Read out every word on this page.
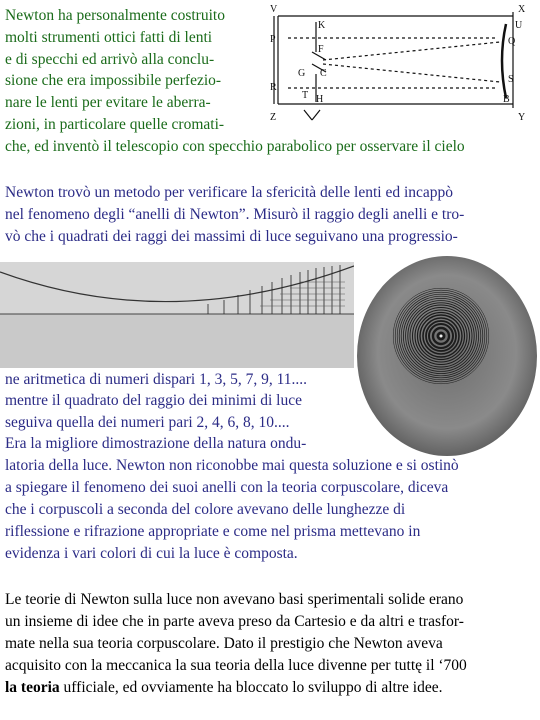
Newton ha personalmente costruito
molti strumenti ottici fatti di lenti
e di specchi ed arrivò alla conclu-
sione che era impossibile perfezio-
nare le lenti per evitare le aberra-
zioni, in particolare quelle cromati-
che, ed inventò il telescopio con specchio parabolico per osservare il cielo
V	X
K	U
Q
P
F
G C
S
R
T H	B
Z	Y
Newton trovò un metodo per verificare la sfericità delle lenti ed incappò
nel fenomeno degli “anelli di Newton”. Misurò il raggio degli anelli e tro-
vò che i quadrati dei raggi dei massimi di luce seguivano una progressio-
ne aritmetica di numeri dispari 1, 3, 5, 7, 9, 11....
mentre il quadrato del raggio dei minimi di luce
seguiva quella dei numeri pari 2, 4, 6, 8, 10....
Era la migliore dimostrazione della natura ondu-
latoria della luce. Newton non riconobbe mai questa soluzione e si ostinò
a spiegare il fenomeno dei suoi anelli con la teoria corpuscolare, diceva
che i corpuscoli a seconda del colore avevano delle lunghezze di
riflessione e rifrazione appropriate e come nel prisma mettevano in
evidenza i vari colori di cui la luce è composta.
Le teorie di Newton sulla luce non avevano basi sperimentali solide erano
un insieme di idee che in parte aveva preso da Cartesio e da altri e trasfor-
mate nella sua teoria corpuscolare. Dato il prestigio che Newton aveva
acquisito con la meccanica la sua teoria della luce divenne per tuttę il ‘700
la teoria ufficiale, ed ovviamente ha bloccato lo sviluppo di altre idee.
